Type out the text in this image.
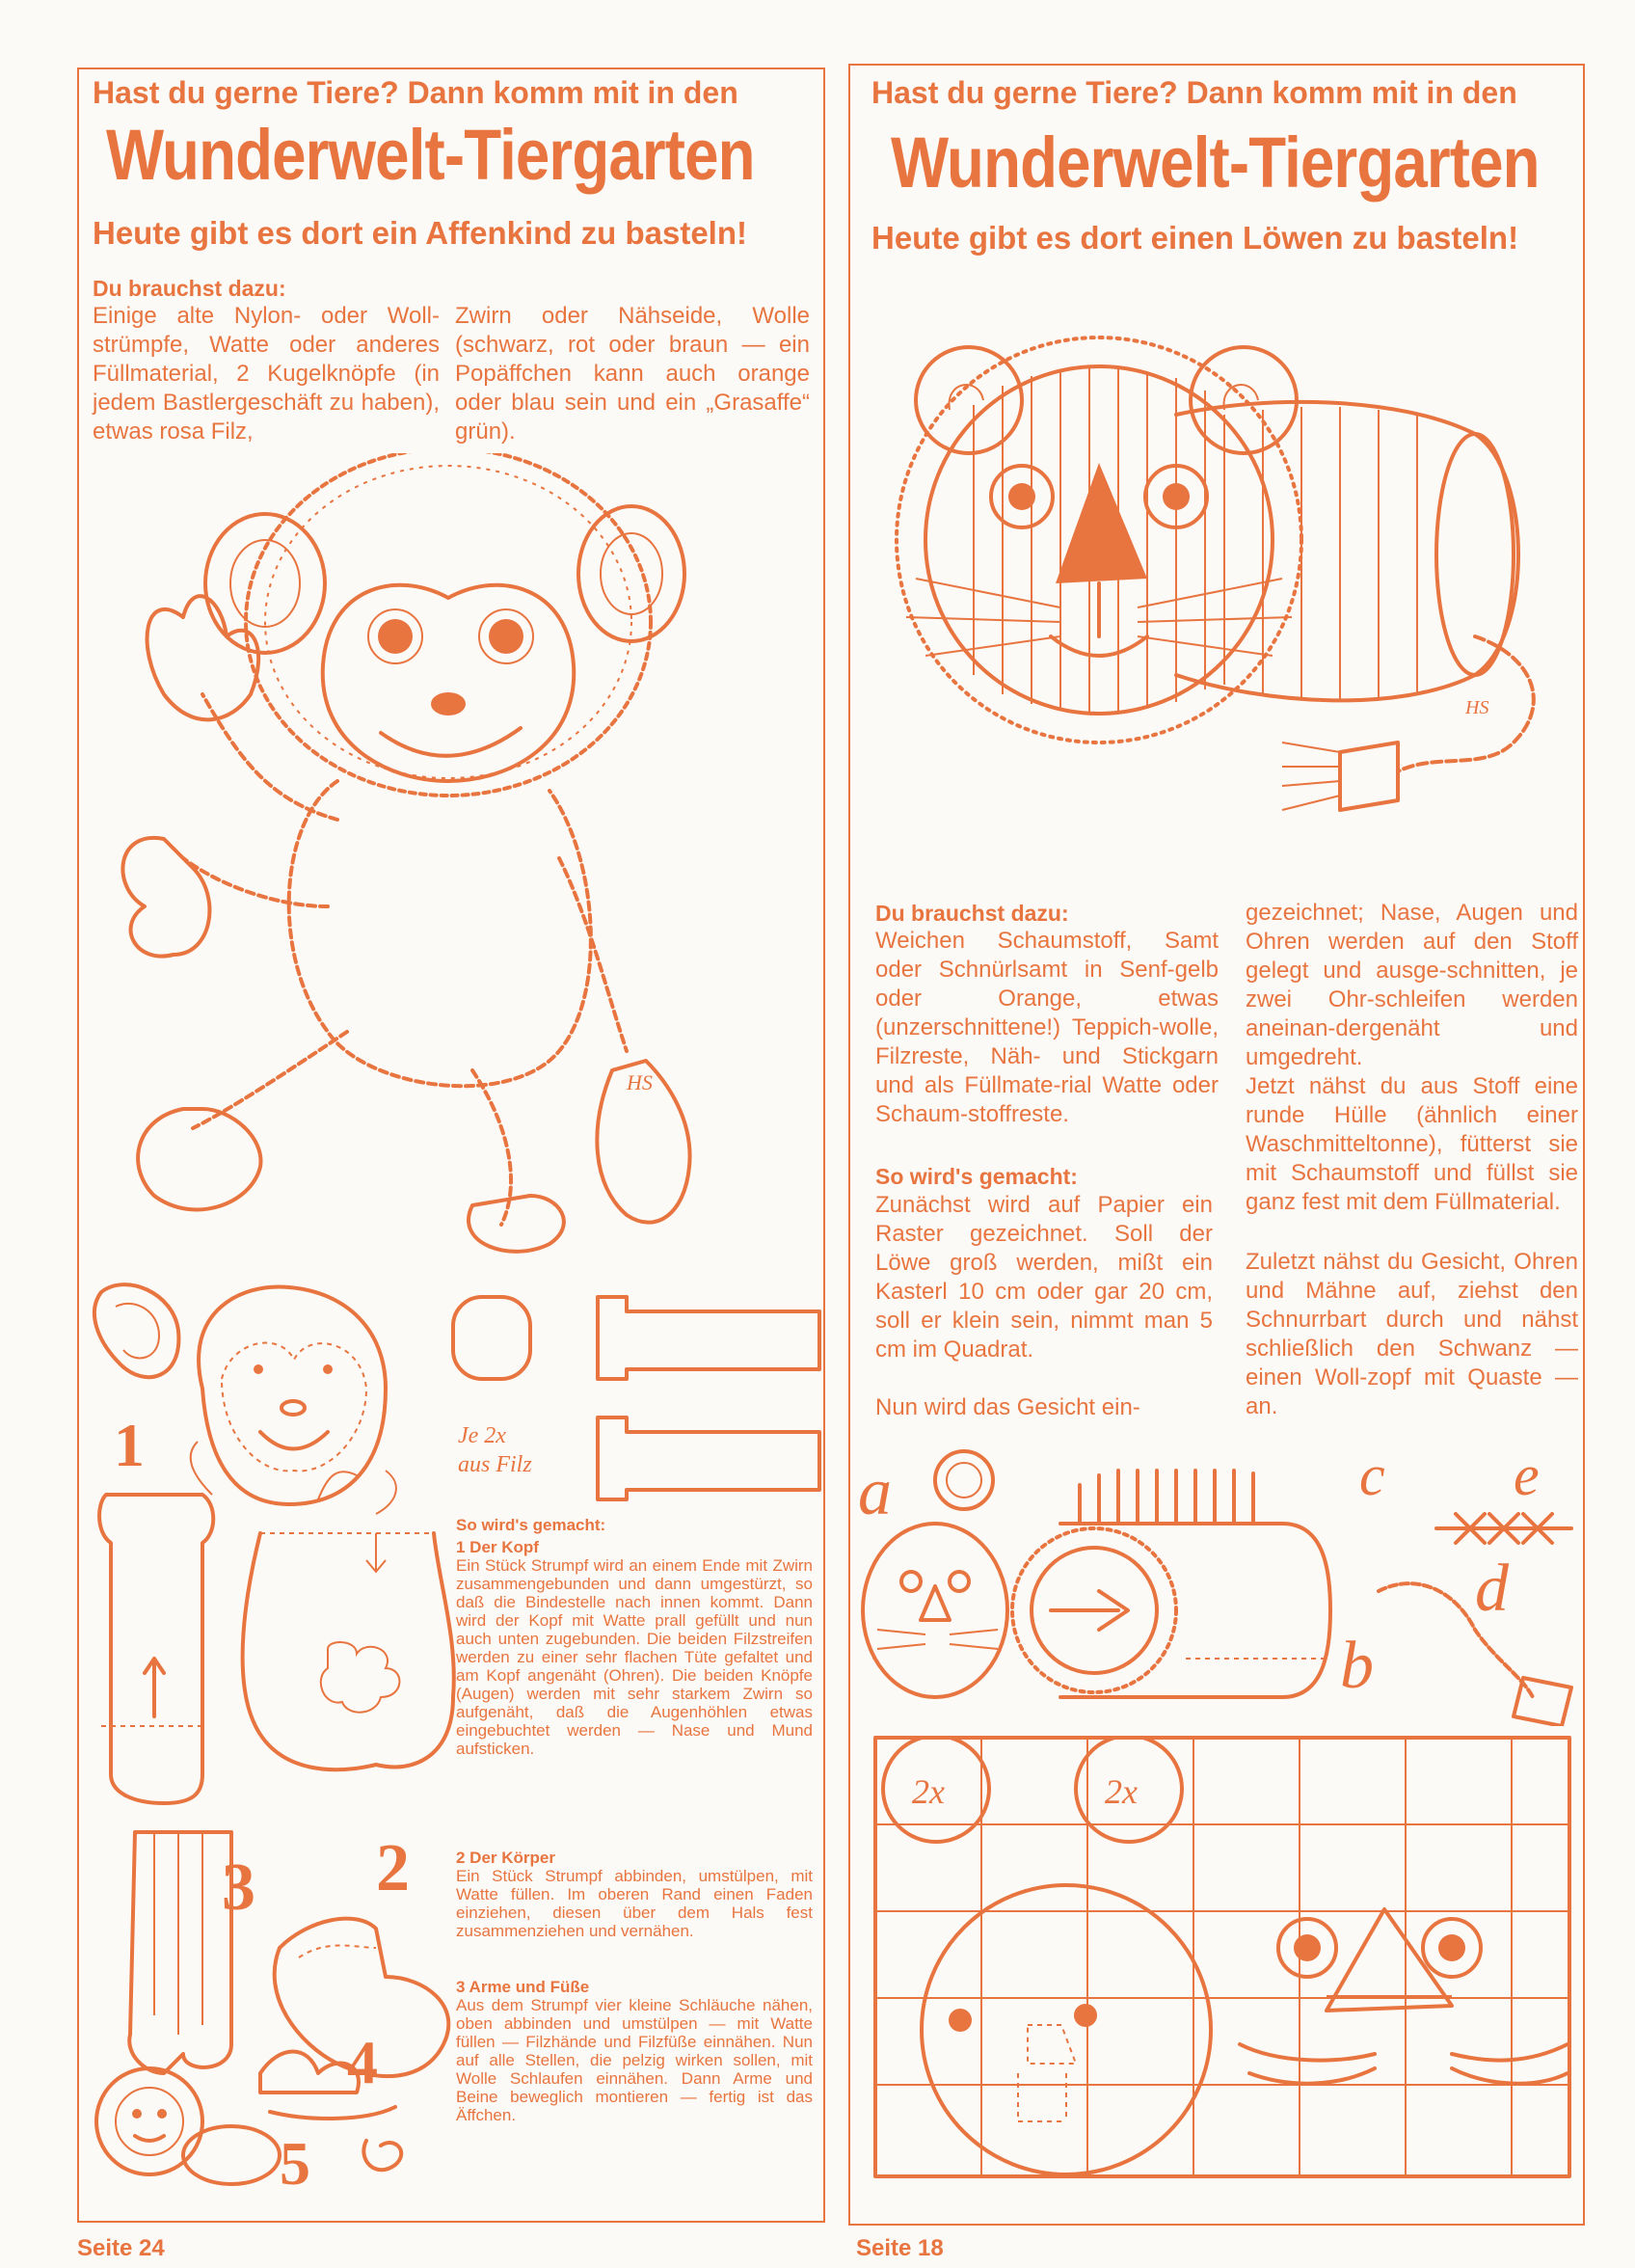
Hast du gerne Tiere? Dann komm mit in den
Wunderwelt-Tiergarten
Heute gibt es dort ein Affenkind zu basteln!
Du brauchst dazu:
Einige alte Nylon- oder Woll-strümpfe, Watte oder anderes Füllmaterial, 2 Kugelknöpfe (in jedem Bastlergeschäft zu haben), etwas rosa Filz,
Zwirn oder Nähseide, Wolle (schwarz, rot oder braun — ein Popäffchen kann auch orange oder blau sein und ein „Grasaffe“ grün).
HS
1	Je 2x
aus Filz
3 2
4
5
So wird's gemacht:
1 Der Kopf
Ein Stück Strumpf wird an einem Ende mit Zwirn zusammengebunden und dann umgestürzt, so daß die Bindestelle nach innen kommt. Dann wird der Kopf mit Watte prall gefüllt und nun auch unten zugebunden. Die beiden Filzstreifen werden zu einer sehr flachen Tüte gefaltet und am Kopf angenäht (Ohren). Die beiden Knöpfe (Augen) werden mit sehr starkem Zwirn so aufgenäht, daß die Augenhöhlen etwas eingebuchtet werden — Nase und Mund aufsticken.
2 Der Körper
Ein Stück Strumpf abbinden, umstülpen, mit Watte füllen. Im oberen Rand einen Faden einziehen, diesen über dem Hals fest zusammenziehen und vernähen.
3 Arme und Füße
Aus dem Strumpf vier kleine Schläuche nähen, oben abbinden und umstülpen — mit Watte füllen — Filzhände und Filzfüße einnähen. Nun auf alle Stellen, die pelzig wirken sollen, mit Wolle Schlaufen einnähen. Dann Arme und Beine beweglich montieren — fertig ist das Äffchen.
Seite 24
Hast du gerne Tiere? Dann komm mit in den
Wunderwelt-Tiergarten
Heute gibt es dort einen Löwen zu basteln!
HS
Du brauchst dazu:
Weichen Schaumstoff, Samt oder Schnürlsamt in Senf-gelb oder Orange, etwas (unzerschnittene!) Teppich-wolle, Filzreste, Näh- und Stickgarn und als Füllmate-rial Watte oder Schaum-stoffreste.
So wird's gemacht:
Zunächst wird auf Papier ein Raster gezeichnet. Soll der Löwe groß werden, mißt ein Kasterl 10 cm oder gar 20 cm, soll er klein sein, nimmt man 5 cm im Quadrat.
Nun wird das Gesicht ein-
gezeichnet; Nase, Augen und Ohren werden auf den Stoff gelegt und ausge-schnitten, je zwei Ohr-schleifen werden aneinan-dergenäht und umgedreht.
Jetzt nähst du aus Stoff eine runde Hülle (ähnlich einer Waschmitteltonne), fütterst sie mit Schaumstoff und füllst sie ganz fest mit dem Füllmaterial.
Zuletzt nähst du Gesicht, Ohren und Mähne auf, ziehst den Schnurrbart durch und nähst schließlich den Schwanz — einen Woll-zopf mit Quaste — an.
a	c
b
e
d
2x	2x
Seite 18
